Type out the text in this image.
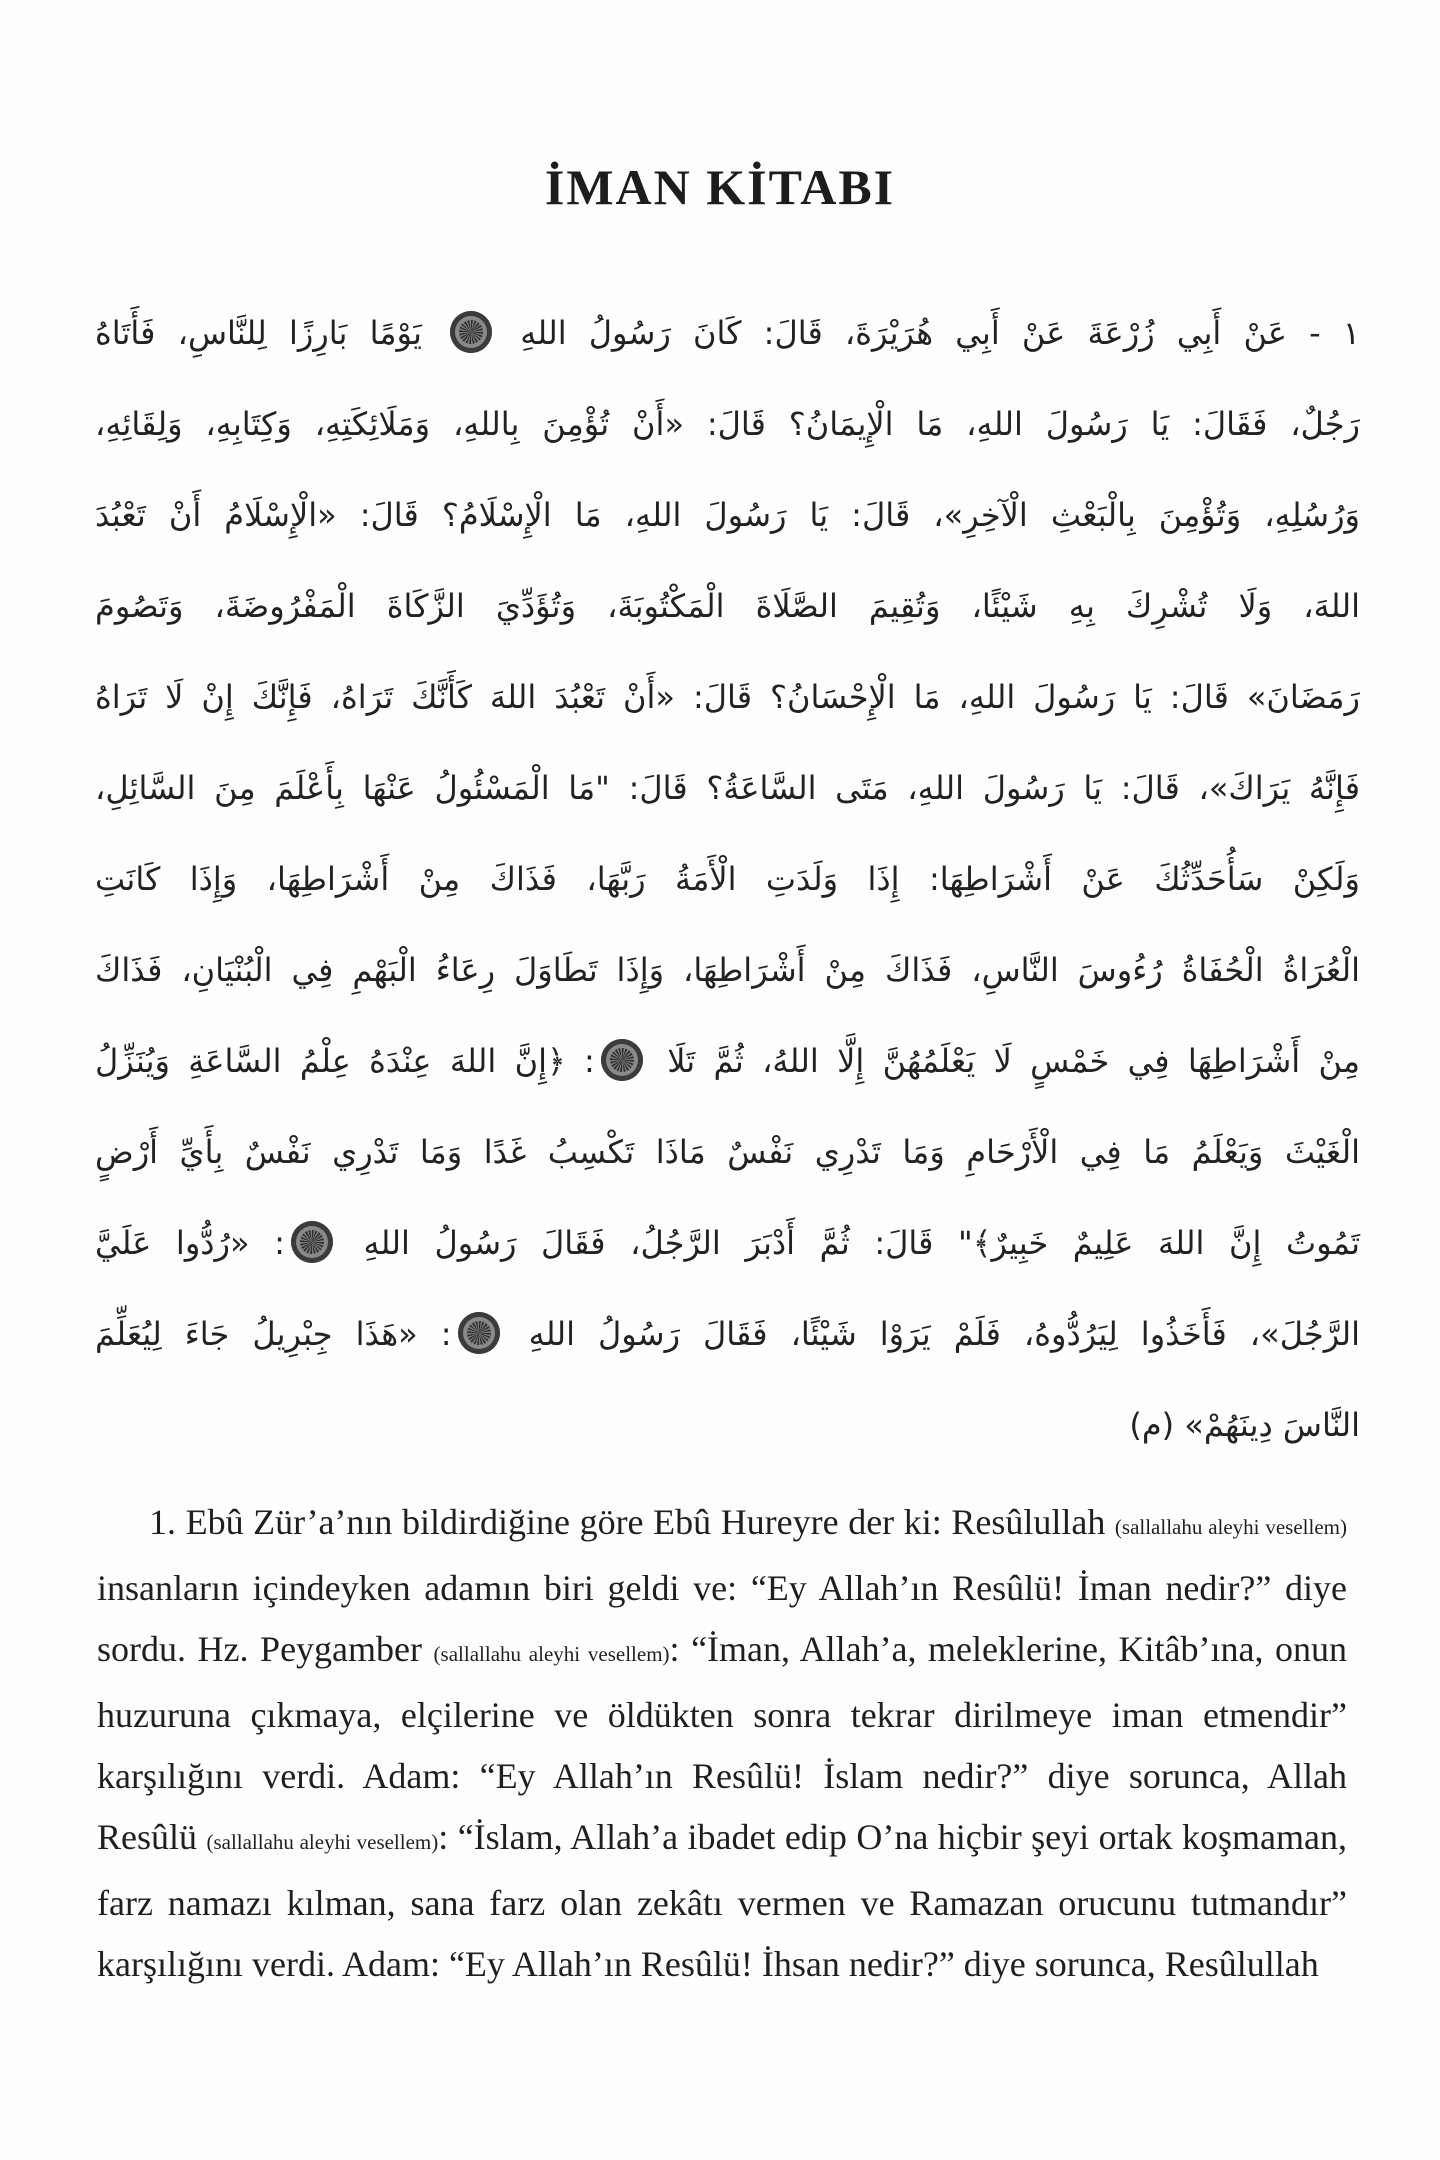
İMAN KİTABI
١ - عَنْ أَبِي زُرْعَةَ عَنْ أَبِي هُرَيْرَةَ، قَالَ: كَانَ رَسُولُ اللهِ  يَوْمًا بَارِزًا لِلنَّاسِ، فَأَتَاهُ
رَجُلٌ، فَقَالَ: يَا رَسُولَ اللهِ، مَا الْإِيمَانُ؟ قَالَ: «أَنْ تُؤْمِنَ بِاللهِ، وَمَلَائِكَتِهِ، وَكِتَابِهِ، وَلِقَائِهِ،
وَرُسُلِهِ، وَتُؤْمِنَ بِالْبَعْثِ الْآخِرِ»، قَالَ: يَا رَسُولَ اللهِ، مَا الْإِسْلَامُ؟ قَالَ: «الْإِسْلَامُ أَنْ تَعْبُدَ
اللهَ، وَلَا تُشْرِكَ بِهِ شَيْئًا، وَتُقِيمَ الصَّلَاةَ الْمَكْتُوبَةَ، وَتُؤَدِّيَ الزَّكَاةَ الْمَفْرُوضَةَ، وَتَصُومَ
رَمَضَانَ» قَالَ: يَا رَسُولَ اللهِ، مَا الْإِحْسَانُ؟ قَالَ: «أَنْ تَعْبُدَ اللهَ كَأَنَّكَ تَرَاهُ، فَإِنَّكَ إِنْ لَا تَرَاهُ
فَإِنَّهُ يَرَاكَ»، قَالَ: يَا رَسُولَ اللهِ، مَتَى السَّاعَةُ؟ قَالَ: "مَا الْمَسْئُولُ عَنْهَا بِأَعْلَمَ مِنَ السَّائِلِ،
وَلَكِنْ سَأُحَدِّثُكَ عَنْ أَشْرَاطِهَا: إِذَا وَلَدَتِ الْأَمَةُ رَبَّهَا، فَذَاكَ مِنْ أَشْرَاطِهَا، وَإِذَا كَانَتِ
الْعُرَاةُ الْحُفَاةُ رُءُوسَ النَّاسِ، فَذَاكَ مِنْ أَشْرَاطِهَا، وَإِذَا تَطَاوَلَ رِعَاءُ الْبَهْمِ فِي الْبُنْيَانِ، فَذَاكَ
مِنْ أَشْرَاطِهَا فِي خَمْسٍ لَا يَعْلَمُهُنَّ إِلَّا اللهُ، ثُمَّ تَلَا : ﴿إِنَّ اللهَ عِنْدَهُ عِلْمُ السَّاعَةِ وَيُنَزِّلُ
الْغَيْثَ وَيَعْلَمُ مَا فِي الْأَرْحَامِ وَمَا تَدْرِي نَفْسٌ مَاذَا تَكْسِبُ غَدًا وَمَا تَدْرِي نَفْسٌ بِأَيِّ أَرْضٍ
تَمُوتُ إِنَّ اللهَ عَلِيمٌ خَبِيرٌ﴾" قَالَ: ثُمَّ أَدْبَرَ الرَّجُلُ، فَقَالَ رَسُولُ اللهِ : «رُدُّوا عَلَيَّ
الرَّجُلَ»، فَأَخَذُوا لِيَرُدُّوهُ، فَلَمْ يَرَوْا شَيْئًا، فَقَالَ رَسُولُ اللهِ : «هَذَا جِبْرِيلُ جَاءَ لِيُعَلِّمَ
النَّاسَ دِينَهُمْ» (م)

1. Ebû Zür’a’nın bildirdiğine göre Ebû Hureyre der ki: Resûlullah (sallallahu aleyhi vesellem) insanların içindeyken adamın biri geldi ve: “Ey Allah’ın Resûlü! İman nedir?” diye sordu. Hz. Peygamber (sallallahu aleyhi vesellem): “İman, Allah’a, meleklerine, Kitâb’ına, onun huzuruna çıkmaya, elçilerine ve öldükten sonra tekrar dirilmeye iman etmendir” karşılığını verdi. Adam: “Ey Allah’ın Resûlü! İslam nedir?” diye sorunca, Allah Resûlü (sallallahu aleyhi vesellem): “İslam, Allah’a ibadet edip O’na hiçbir şeyi ortak koşmaman, farz namazı kılman, sana farz olan zekâtı vermen ve Ramazan orucunu tutmandır” karşılığını verdi. Adam: “Ey Allah’ın Resûlü! İhsan nedir?” diye sorunca, Resûlullah
